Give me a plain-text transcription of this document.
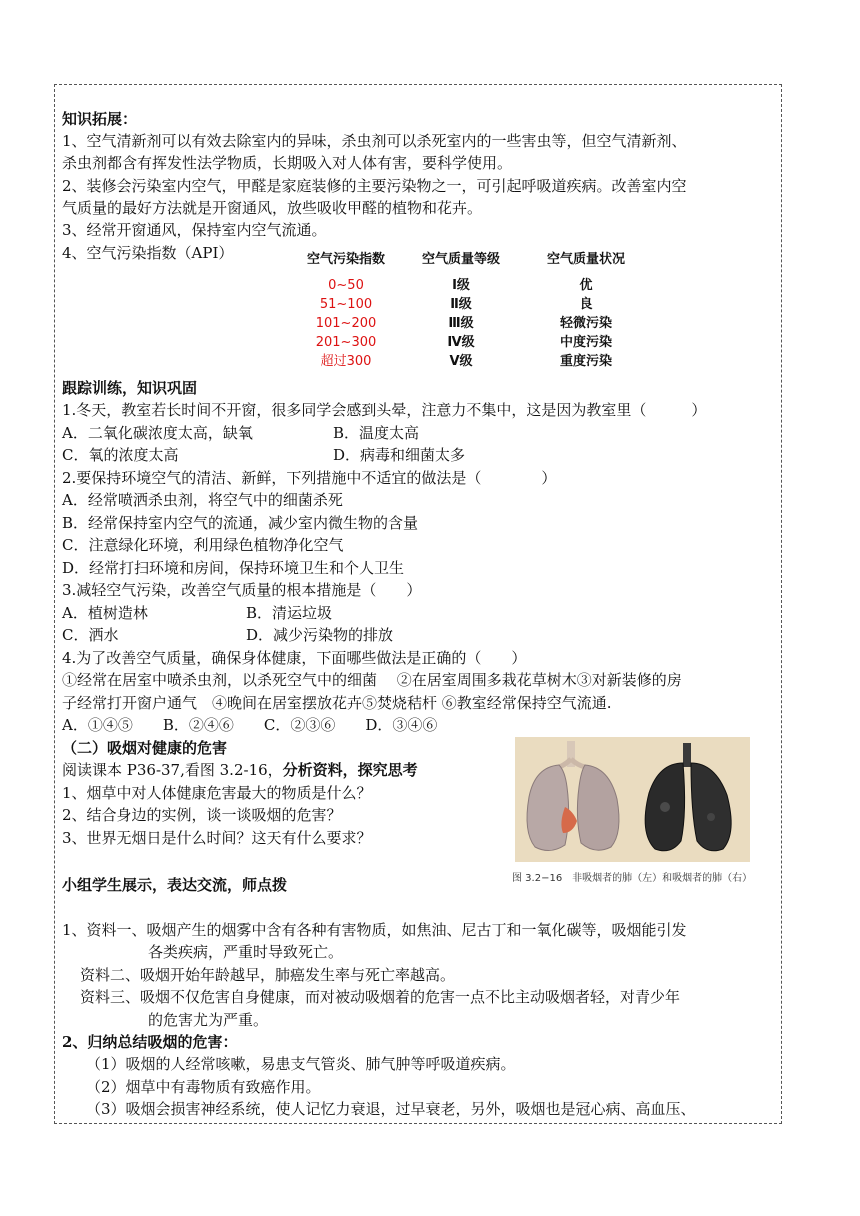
知识拓展：
1、空气清新剂可以有效去除室内的异味，杀虫剂可以杀死室内的一些害虫等，但空气清新剂、
杀虫剂都含有挥发性法学物质，长期吸入对人体有害，要科学使用。
2、装修会污染室内空气，甲醛是家庭装修的主要污染物之一，可引起呼吸道疾病。改善室内空
气质量的最好方法就是开窗通风，放些吸收甲醛的植物和花卉。
3、经常开窗通风，保持室内空气流通。
4、空气污染指数（API）	空气污染指数	空气质量等级	空气质量状况
0~50	Ⅰ级	优
51~100	Ⅱ级	良
101~200	Ⅲ级	轻微污染
201~300	Ⅳ级	中度污染
超过300	Ⅴ级	重度污染
跟踪训练，知识巩固
1.冬天，教室若长时间不开窗，很多同学会感到头晕，注意力不集中，这是因为教室里（　　　）
A．二氧化碳浓度太高，缺氧	B．温度太高
C．氧的浓度太高	D．病毒和细菌太多
2.要保持环境空气的清洁、新鲜，下列措施中不适宜的做法是（　　　　）
A．经常喷洒杀虫剂，将空气中的细菌杀死
B．经常保持室内空气的流通，减少室内微生物的含量
C．注意绿化环境，利用绿色植物净化空气
D．经常打扫环境和房间，保持环境卫生和个人卫生
3.减轻空气污染，改善空气质量的根本措施是（　　）
A．植树造林	B．清运垃圾
C．洒水	D．减少污染物的排放
4.为了改善空气质量，确保身体健康，下面哪些做法是正确的（　　）
①经常在居室中喷杀虫剂，以杀死空气中的细菌　 ②在居室周围多栽花草树木③对新装修的房
子经常打开窗户通气　④晚间在居室摆放花卉⑤焚烧秸杆 ⑥教室经常保持空气流通.
A．①④⑤　　B．②④⑥　　C．②③⑥　　D．③④⑥
（二）吸烟对健康的危害
阅读课本 P36-37,看图 3.2-16，分析资料，探究思考
1、烟草中对人体健康危害最大的物质是什么？
2、结合身边的实例，谈一谈吸烟的危害？
3、世界无烟日是什么时间？这天有什么要求？
图 3.2−16　非吸烟者的肺（左）和吸烟者的肺（右）
小组学生展示，表达交流，师点拨
1、资料一、吸烟产生的烟雾中含有各种有害物质，如焦油、尼古丁和一氧化碳等，吸烟能引发
各类疾病，严重时导致死亡。
资料二、吸烟开始年龄越早，肺癌发生率与死亡率越高。
资料三、吸烟不仅危害自身健康，而对被动吸烟着的危害一点不比主动吸烟者轻，对青少年
的危害尤为严重。
2、归纳总结吸烟的危害：
（1）吸烟的人经常咳嗽，易患支气管炎、肺气肿等呼吸道疾病。
（2）烟草中有毒物质有致癌作用。
（3）吸烟会损害神经系统，使人记忆力衰退，过早衰老，另外，吸烟也是冠心病、高血压、
